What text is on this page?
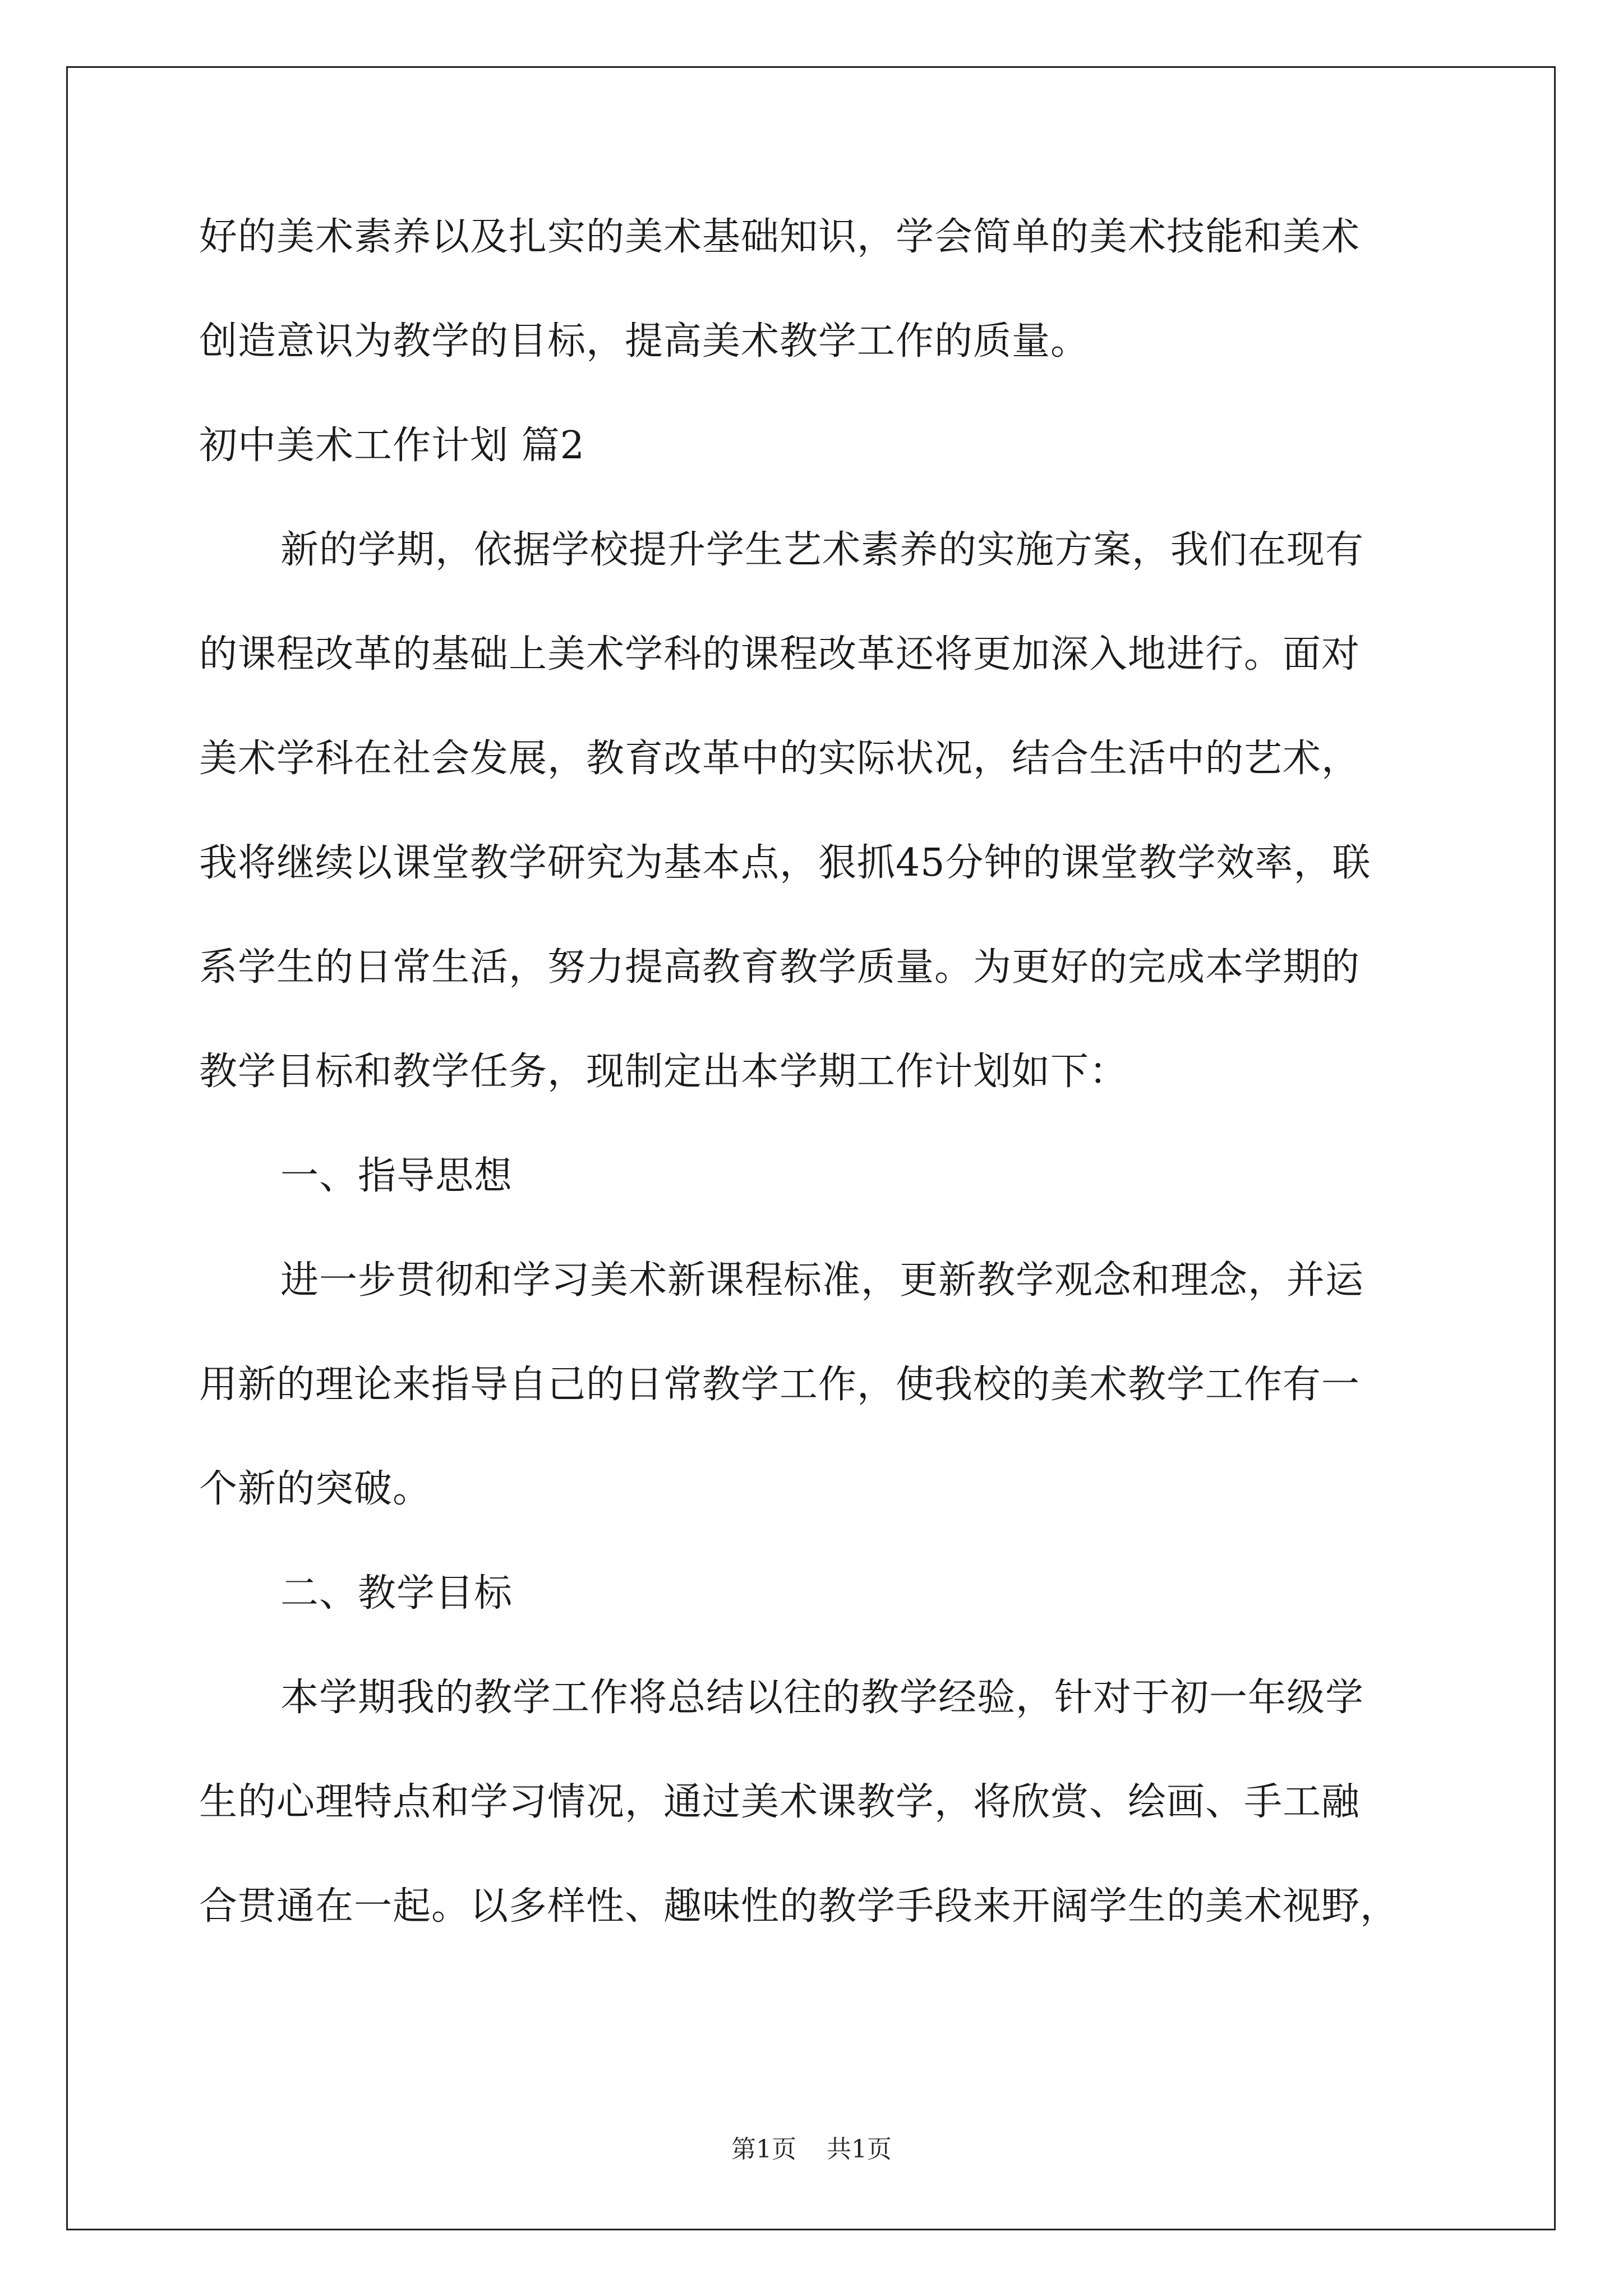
好的美术素养以及扎实的美术基础知识，学会简单的美术技能和美术
创造意识为教学的目标，提高美术教学工作的质量。
初中美术工作计划 篇2
新的学期，依据学校提升学生艺术素养的实施方案，我们在现有
的课程改革的基础上美术学科的课程改革还将更加深入地进行。面对
美术学科在社会发展，教育改革中的实际状况，结合生活中的艺术，
我将继续以课堂教学研究为基本点，狠抓45分钟的课堂教学效率，联
系学生的日常生活，努力提高教育教学质量。为更好的完成本学期的
教学目标和教学任务，现制定出本学期工作计划如下：
一、指导思想
进一步贯彻和学习美术新课程标准，更新教学观念和理念，并运
用新的理论来指导自己的日常教学工作，使我校的美术教学工作有一
个新的突破。
二、教学目标
本学期我的教学工作将总结以往的教学经验，针对于初一年级学
生的心理特点和学习情况，通过美术课教学，将欣赏、绘画、手工融
合贯通在一起。以多样性、趣味性的教学手段来开阔学生的美术视野，
第1页 共1页
